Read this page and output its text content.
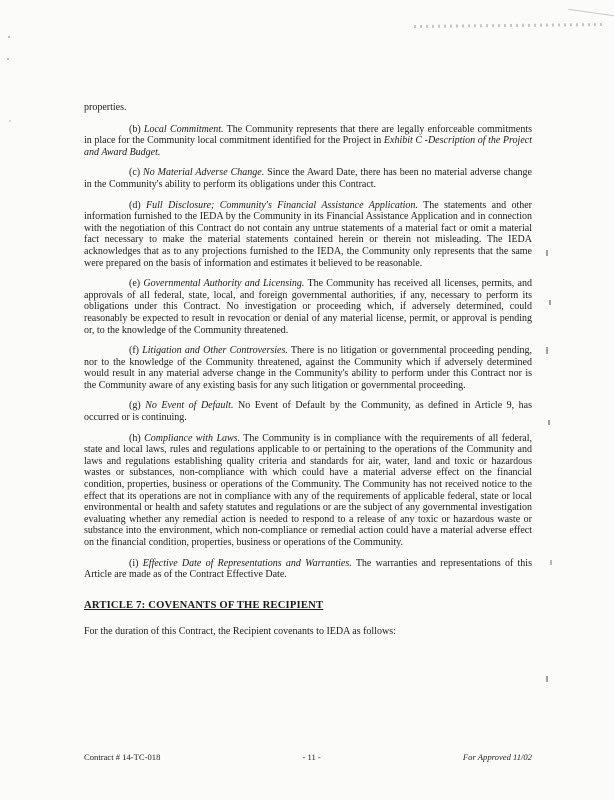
properties.

(b) Local Commitment. The Community represents that there are legally enforceable commitments in place for the Community local commitment identified for the Project in Exhibit C -Description of the Project and Award Budget.

(c) No Material Adverse Change. Since the Award Date, there has been no material adverse change in the Community's ability to perform its obligations under this Contract.

(d) Full Disclosure; Community's Financial Assistance Application. The statements and other information furnished to the IEDA by the Community in its Financial Assistance Application and in connection with the negotiation of this Contract do not contain any untrue statements of a material fact or omit a material fact necessary to make the material statements contained herein or therein not misleading. The IEDA acknowledges that as to any projections furnished to the IEDA, the Community only represents that the same were prepared on the basis of information and estimates it believed to be reasonable.

(e) Governmental Authority and Licensing. The Community has received all licenses, permits, and approvals of all federal, state, local, and foreign governmental authorities, if any, necessary to perform its obligations under this Contract. No investigation or proceeding which, if adversely determined, could reasonably be expected to result in revocation or denial of any material license, permit, or approval is pending or, to the knowledge of the Community threatened.

(f) Litigation and Other Controversies. There is no litigation or governmental proceeding pending, nor to the knowledge of the Community threatened, against the Community which if adversely determined would result in any material adverse change in the Community's ability to perform under this Contract nor is the Community aware of any existing basis for any such litigation or governmental proceeding.

(g) No Event of Default. No Event of Default by the Community, as defined in Article 9, has occurred or is continuing.

(h) Compliance with Laws. The Community is in compliance with the requirements of all federal, state and local laws, rules and regulations applicable to or pertaining to the operations of the Community and laws and regulations establishing quality criteria and standards for air, water, land and toxic or hazardous wastes or substances, non-compliance with which could have a material adverse effect on the financial condition, properties, business or operations of the Community. The Community has not received notice to the effect that its operations are not in compliance with any of the requirements of applicable federal, state or local environmental or health and safety statutes and regulations or are the subject of any governmental investigation evaluating whether any remedial action is needed to respond to a release of any toxic or hazardous waste or substance into the environment, which non-compliance or remedial action could have a material adverse effect on the financial condition, properties, business or operations of the Community.

(i) Effective Date of Representations and Warranties. The warranties and representations of this Article are made as of the Contract Effective Date.

ARTICLE 7: COVENANTS OF THE RECIPIENT

For the duration of this Contract, the Recipient covenants to IEDA as follows:

Contract # 14-TC-018	- 11 -	For Approved 11/02
